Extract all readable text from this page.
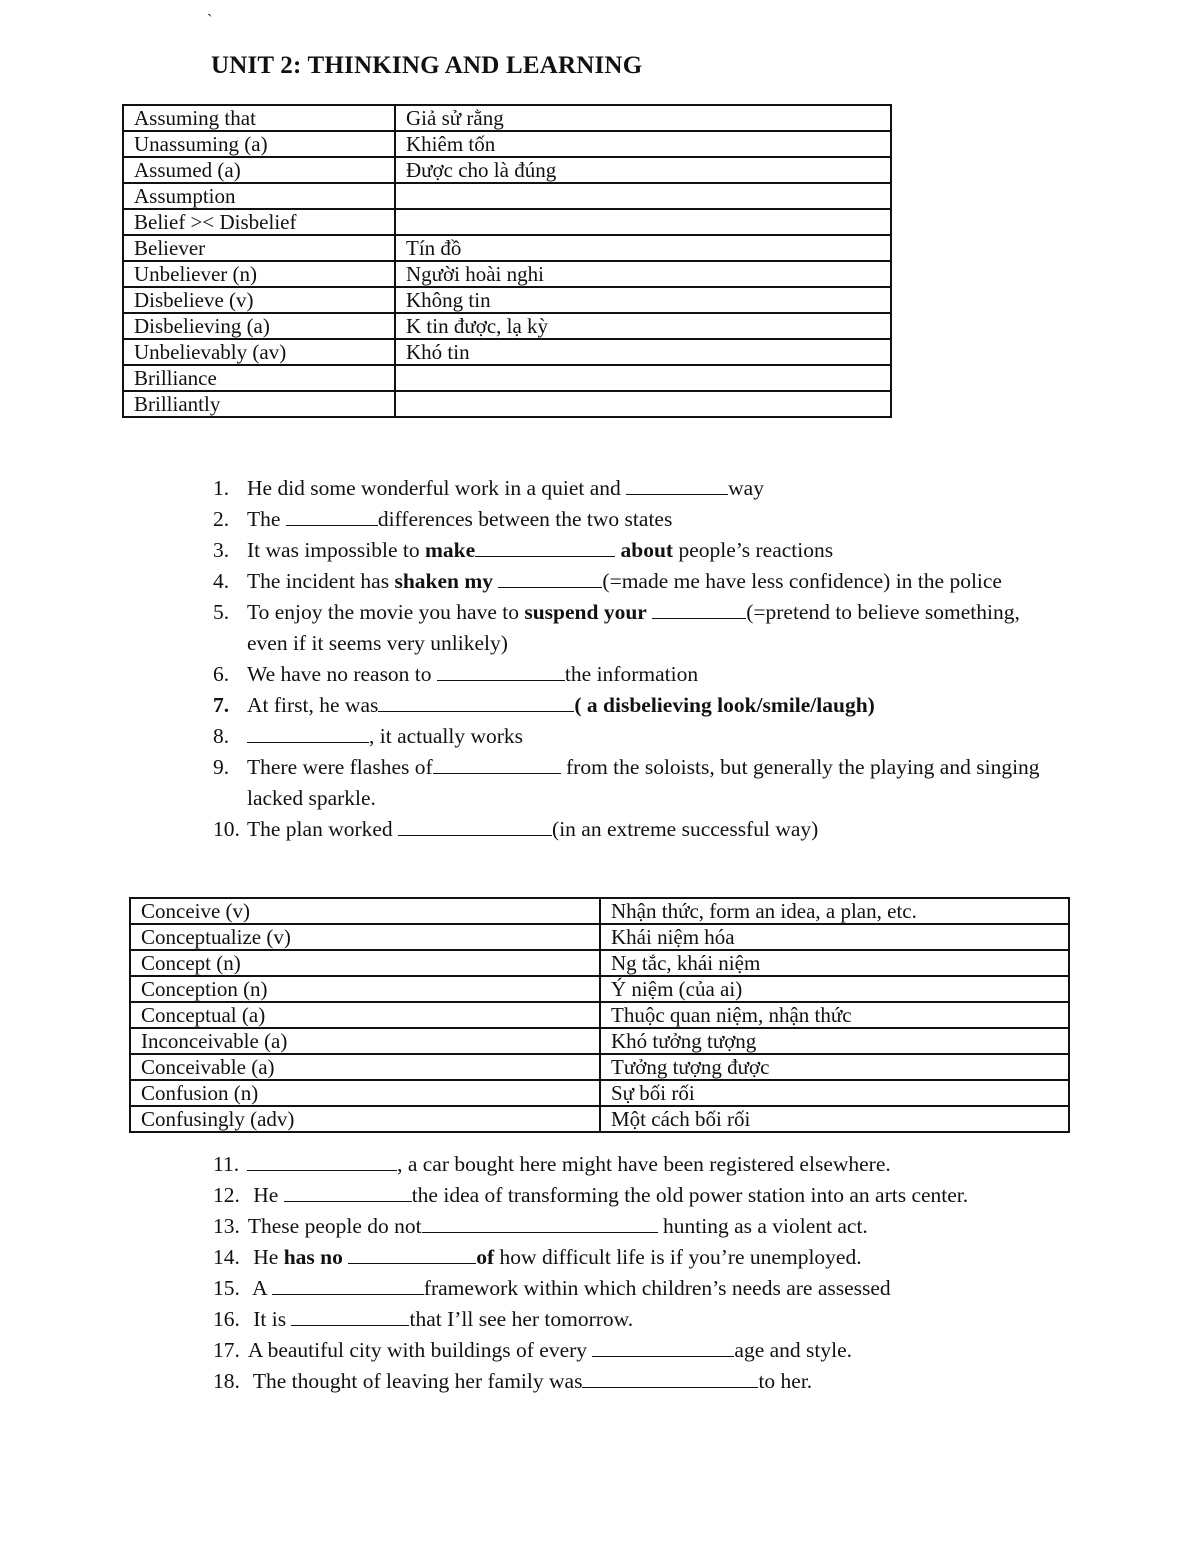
`
UNIT 2: THINKING AND LEARNING
Assuming that	Giả sử rằng
Unassuming (a)	Khiêm tốn
Assumed (a)	Được cho là đúng
Assumption	
Belief >< Disbelief	
Believer	Tín đồ
Unbeliever (n)	Người hoài nghi
Disbelieve (v)	Không tin
Disbelieving (a)	K tin được, lạ kỳ
Unbelievably (av)	Khó tin
Brilliance	
Brilliantly	
1. He did some wonderful work in a quiet and	way
2. The	differences between the two states
3. It was impossible to make	about people’s reactions
4. The incident has shaken my	(=made me have less confidence) in the police
5. To enjoy the movie you have to suspend your	(=pretend to believe something, even if it seems very unlikely)
6. We have no reason to	the information
7. At first, he was	( a disbelieving look/smile/laugh)
8.	, it actually works
9. There were flashes of	from the soloists, but generally the playing and singing lacked sparkle.
10. The plan worked	(in an extreme successful way)
Conceive (v)	Nhận thức, form an idea, a plan, etc.
Conceptualize (v)	Khái niệm hóa
Concept (n)	Ng tắc, khái niệm
Conception (n)	Ý niệm (của ai)
Conceptual (a)	Thuộc quan niệm, nhận thức
Inconceivable (a)	Khó tưởng tượng
Conceivable (a)	Tưởng tượng được
Confusion (n)	Sự bối rối
Confusingly (adv)	Một cách bối rối
11.	, a car bought here might have been registered elsewhere.
12. He	the idea of transforming the old power station into an arts center.
13. These people do not	hunting as a violent act.
14. He has no	of how difficult life is if you’re unemployed.
15. A	framework within which children’s needs are assessed
16. It is	that I’ll see her tomorrow.
17. A beautiful city with buildings of every	age and style.
18. The thought of leaving her family was	to her.
